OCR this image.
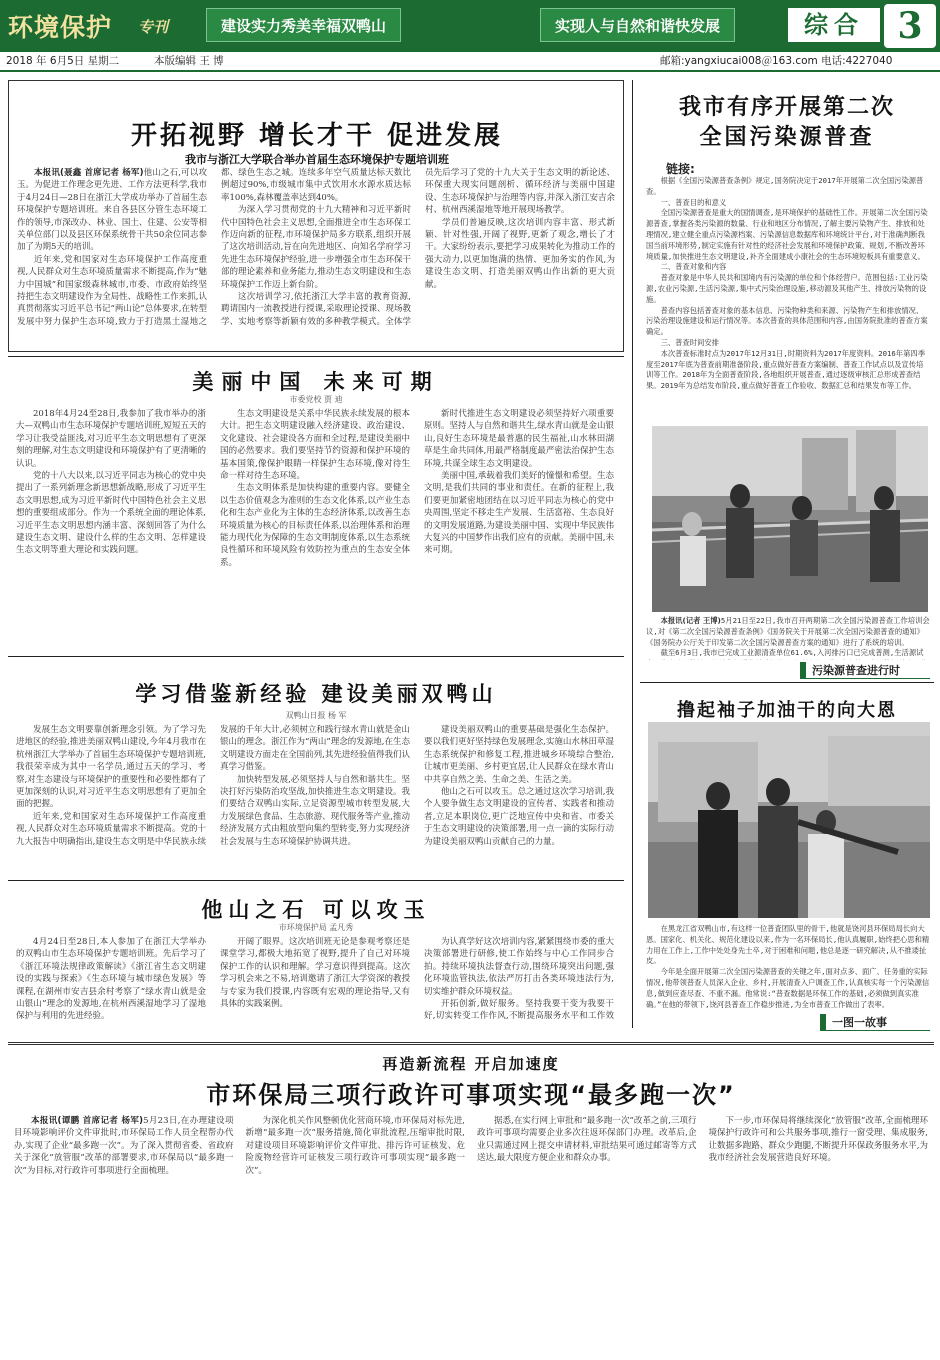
环境保护 专刊	建设实力秀美幸福双鸭山	实现人与自然和谐快发展	综合 3
2018 年 6月5日 星期二	本版编辑 王 博	邮箱:yangxiucai008＠163.com 电话:4227040
开拓视野 增长才干 促进发展
我市与浙江大学联合举办首届生态环境保护专题培训班

本报讯(聂鑫 首席记者 杨军)他山之石,可以攻玉。为促进工作理念更先进、工作方法更科学,我市于4月24日—28日在浙江大学成功举办了首届生态环境保护专题培训班。来自各县区分管生态环境工作的领导,市深改办、林业、国土、住建、公安等相关单位部门以及县区环保系统骨干共50余位同志参加了为期5天的培训。

近年来,党和国家对生态环境保护工作高度重视,人民群众对生态环境质量需求不断提高,作为“魅力中国城”和国家级森林城市,市委、市政府始终坚持把生态文明建设作为全局性、战略性工作来抓,认真贯彻落实习近平总书记“两山论”总体要求,在转型发展中努力保护生态环境,致力于打造黑土湿地之都、绿色生态之城。连续多年空气质量达标天数比例超过90%,市级城市集中式饮用水水源水质达标率100%,森林覆盖率达到40%。

为深入学习贯彻党的十九大精神和习近平新时代中国特色社会主义思想,全面推进全市生态环保工作迈向新的征程,市环境保护局多方联系,组织开展了这次培训活动,旨在向先进地区、向知名学府学习先进生态环境保护经验,进一步增强全市生态环保干部的理论素养和业务能力,推动生态文明建设和生态环境保护工作迈上新台阶。

这次培训学习,依托浙江大学丰富的教育资源,聘请国内一流教授进行授课,采取理论授课、现场教学、实地考察等新颖有效的多种教学模式。全体学员先后学习了党的十九大关于生态文明的新论述、环保重大现实问题剖析、循环经济与美丽中国建设、生态环境保护与治理等内容,并深入浙江安吉余村、杭州西溪湿地等地开展现场教学。

学员们普遍反映,这次培训内容丰富、形式新颖、针对性强,开阔了视野,更新了观念,增长了才干。大家纷纷表示,要把学习成果转化为推动工作的强大动力,以更加饱满的热情、更加务实的作风,为建设生态文明、打造美丽双鸭山作出新的更大贡献。

美丽中国 未来可期
市委党校 贾 迪

2018年4月24至28日,我参加了我市举办的浙大—双鸭山市生态环境保护专题培训班,短短五天的学习让我受益匪浅,对习近平生态文明思想有了更深刻的理解,对生态文明建设和环境保护有了更清晰的认识。

党的十八大以来,以习近平同志为核心的党中央提出了一系列新理念新思想新战略,形成了习近平生态文明思想,成为习近平新时代中国特色社会主义思想的重要组成部分。作为一个系统全面的理论体系,习近平生态文明思想内涵丰富、深刻回答了为什么建设生态文明、建设什么样的生态文明、怎样建设生态文明等重大理论和实践问题。

生态文明建设是关系中华民族永续发展的根本大计。把生态文明建设融入经济建设、政治建设、文化建设、社会建设各方面和全过程,是建设美丽中国的必然要求。我们要坚持节约资源和保护环境的基本国策,像保护眼睛一样保护生态环境,像对待生命一样对待生态环境。

生态文明体系是加快构建的重要内容。要健全以生态价值观念为准则的生态文化体系,以产业生态化和生态产业化为主体的生态经济体系,以改善生态环境质量为核心的目标责任体系,以治理体系和治理能力现代化为保障的生态文明制度体系,以生态系统良性循环和环境风险有效防控为重点的生态安全体系。

新时代推进生态文明建设必须坚持好六项重要原则。坚持人与自然和谐共生,绿水青山就是金山银山,良好生态环境是最普惠的民生福祉,山水林田湖草是生命共同体,用最严格制度最严密法治保护生态环境,共谋全球生态文明建设。

美丽中国,承载着我们美好的憧憬和希望。生态文明,是我们共同的事业和责任。在新的征程上,我们要更加紧密地团结在以习近平同志为核心的党中央周围,坚定不移走生产发展、生活富裕、生态良好的文明发展道路,为建设美丽中国、实现中华民族伟大复兴的中国梦作出我们应有的贡献。美丽中国,未来可期。

学习借鉴新经验 建设美丽双鸭山
双鸭山日报 杨 军

发展生态文明要靠创新理念引领。为了学习先进地区的经验,推进美丽双鸭山建设,今年4月我市在杭州浙江大学举办了首届生态环境保护专题培训班,我很荣幸成为其中一名学员,通过五天的学习、考察,对生态建设与环境保护的重要性和必要性都有了更加深刻的认识,对习近平生态文明思想有了更加全面的把握。

近年来,党和国家对生态环境保护工作高度重视,人民群众对生态环境质量需求不断提高。党的十九大报告中明确指出,建设生态文明是中华民族永续发展的千年大计,必须树立和践行绿水青山就是金山银山的理念。浙江作为“两山”理念的发源地,在生态文明建设方面走在全国前列,其先进经验值得我们认真学习借鉴。

加快转型发展,必须坚持人与自然和谐共生。坚决打好污染防治攻坚战,加快推进生态文明建设。我们要结合双鸭山实际,立足资源型城市转型发展,大力发展绿色食品、生态旅游、现代服务等产业,推动经济发展方式由粗放型向集约型转变,努力实现经济社会发展与生态环境保护协调共进。

建设美丽双鸭山的重要基础是强化生态保护。要以我们更好坚持绿色发展理念,实施山水林田草湿生态系统保护和修复工程,推进城乡环境综合整治,让城市更美丽、乡村更宜居,让人民群众在绿水青山中共享自然之美、生命之美、生活之美。

他山之石可以攻玉。总之通过这次学习培训,我个人要争做生态文明建设的宣传者、实践者和推动者,立足本职岗位,更广泛地宣传中央和省、市委关于生态文明建设的决策部署,用一点一滴的实际行动为建设美丽双鸭山贡献自己的力量。

他山之石 可以攻玉
市环境保护局 孟凡秀

4月24日至28日,本人参加了在浙江大学举办的双鸭山市生态环境保护专题培训班。先后学习了《浙江环境法规律政策解读》《浙江省生态文明建设的实践与探索》《生态环境与城市绿色发展》等课程,在湖州市安吉县余村考察了“绿水青山就是金山银山”理念的发源地,在杭州西溪湿地学习了湿地保护与利用的先进经验。

开阔了眼界。这次培训班无论是参观考察还是课堂学习,都极大地拓宽了视野,提升了自己对环境保护工作的认识和理解。学习意识得到提高。这次学习机会来之不易,培训邀请了浙江大学资深的教授与专家为我们授课,内容既有宏观的理论指导,又有具体的实践案例。

为认真学好这次培训内容,紧紧围绕市委的重大决策部署进行研修,使工作始终与中心工作同步合拍。持续环境执法督查行动,围绕环境突出问题,强化环境监管执法,依法严厉打击各类环境违法行为,切实维护群众环境权益。

开拓创新,做好服务。坚持我要干变为我要干好,切实转变工作作风,不断提高服务水平和工作效

我市有序开展第二次
全国污染源普查
链接:

根据《全国污染源普查条例》规定,国务院决定于2017年开展第二次全国污染源普查。

一、普查目的和意义

全国污染源普查是重大的国情调查,是环境保护的基础性工作。开展第二次全国污染源普查,掌握各类污染源的数量、行业和地区分布情况,了解主要污染物产生、排放和处理情况,建立健全重点污染源档案、污染源信息数据库和环境统计平台,对于准确判断我国当前环境形势,制定实施有针对性的经济社会发展和环境保护政策、规划,不断改善环境质量,加快推进生态文明建设,补齐全面建成小康社会的生态环境短板具有重要意义。

二、普查对象和内容

普查对象是中华人民共和国境内有污染源的单位和个体经营户。范围包括:工业污染源,农业污染源,生活污染源,集中式污染治理设施,移动源及其他产生、排放污染物的设施。

普查内容包括普查对象的基本信息、污染物种类和来源、污染物产生和排放情况、污染治理设施建设和运行情况等。本次普查的具体范围和内容,由国务院批准的普查方案确定。

三、普查时间安排

本次普查标准时点为2017年12月31日,时期资料为2017年度资料。2016年第四季度至2017年底为普查前期准备阶段,重点做好普查方案编制、普查工作试点以及宣传培训等工作。2018年为全面普查阶段,各地组织开展普查,通过逐级审核汇总形成普查结果。2019年为总结发布阶段,重点做好普查工作验收、数据汇总和结果发布等工作。

本报讯(记者 王博)5月21日至22日,我市召开两期第二次全国污染源普查工作培训会议,对《第二次全国污染源普查条例》《国务院关于开展第二次全国污染源普查的通知》《国务院办公厅关于印发第二次全国污染源普查方案的通知》进行了系统的培训。

截至6月3日,我市已完成工业源清查单位61.6%,入河排污口已完成普测,生活源试

污染源普查进行时
撸起袖子加油干的向大恩

在黑龙江省双鸭山市,有这样一位普査团队里的骨干,他就是饶河县环保局局长向大恩。国家化、机关化、规范化建设以来,作为一名环保局长,他认真履职,始终把心思和精力用在工作上,工作中处处身先士卒,对于困难和问题,他总是逐一研究解决,从不推诿扯皮。

今年是全面开展第二次全国污染源普查的关键之年,面对点多、面广、任务重的实际情况,他带领普查人员深入企业、乡村,开展清查入户调查工作,认真核实每一个污染源信息,做到应查尽查、不重不漏。他常说:“普查数据是环保工作的基础,必须做到真实准确。”在他的带领下,饶河县普查工作稳步推进,为全市普查工作做出了表率。

一图一故事
再造新流程 开启加速度
市环保局三项行政许可事项实现“最多跑一次”

本报讯(谭鹏 首席记者 杨军)5月23日,在办理建设项目环境影响评价文件审批时,市环保局工作人员全程帮办代办,实现了企业“最多跑一次”。为了深入贯彻省委、省政府关于深化“放管服”改革的部署要求,市环保局以“最多跑一次”为目标,对行政许可事项进行全面梳理。

为深化机关作风整顿优化营商环境,市环保局对标先进,新增“最多跑一次”服务措施,简化审批流程,压缩审批时限,对建设项目环境影响评价文件审批、排污许可证核发、危险废物经营许可证核发三项行政许可事项实现“最多跑一次”。

据悉,在实行网上审批和“最多跑一次”改革之前,三项行政许可事项均需要企业多次往返环保部门办理。改革后,企业只需通过网上提交申请材料,审批结果可通过邮寄等方式送达,最大限度方便企业和群众办事。

下一步,市环保局将继续深化“放管服”改革,全面梳理环境保护行政许可和公共服务事项,推行一窗受理、集成服务,让数据多跑路、群众少跑腿,不断提升环保政务服务水平,为我市经济社会发展营造良好环境。
